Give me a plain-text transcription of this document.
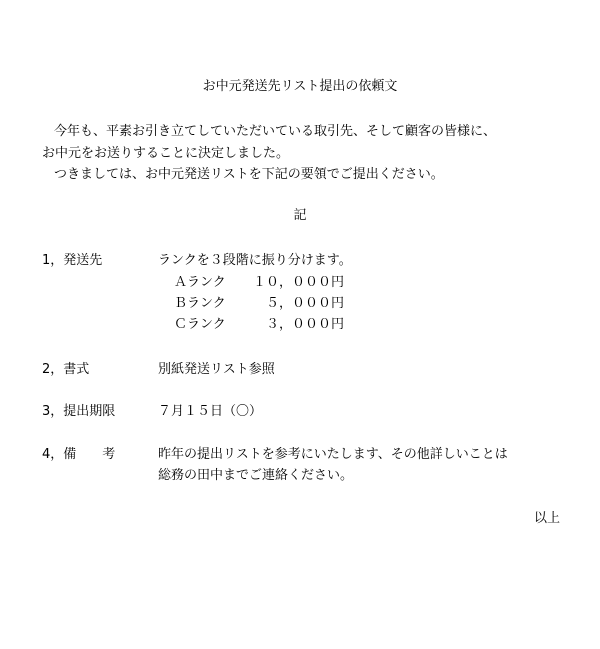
お中元発送先リスト提出の依頼文
今年も、平素お引き立てしていただいている取引先、そして顧客の皆様に、
お中元をお送りすることに決定しました。
つきましては、お中元発送リストを下記の要領でご提出ください。
記
1，発送先	ランクを３段階に振り分けます。
Ａランク	１０，０００円
Ｂランク	５，０００円
Ｃランク	３，０００円
2，書式	別紙発送リスト参照
3，提出期限	７月１５日（〇）
4，備　　考	昨年の提出リストを参考にいたします、その他詳しいことは
総務の田中までご連絡ください。
以上
